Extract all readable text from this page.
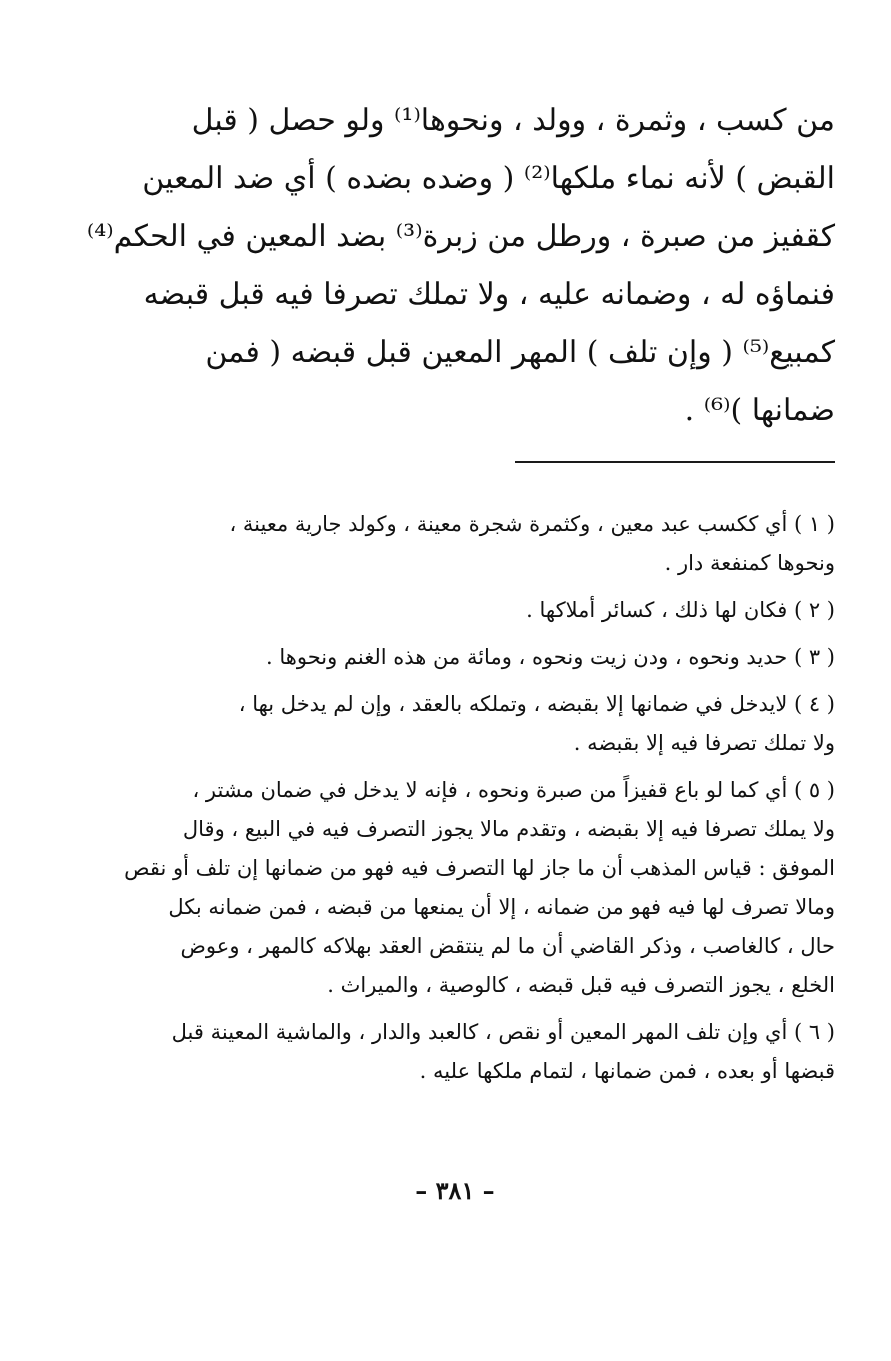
من كسب ، وثمرة ، وولد ، ونحوها⁽¹⁾ ولو حصل ( قبل
القبض ) لأنه نماء ملكها⁽²⁾ ( وضده بضده ) أي ضد المعين
كقفيز من صبرة ، ورطل من زبرة⁽³⁾ بضد المعين في الحكم⁽⁴⁾
فنماؤه له ، وضمانه عليه ، ولا تملك تصرفا فيه قبل قبضه
كمبيع⁽⁵⁾ ( وإن تلف ) المهر المعين قبل قبضه ( فمن
ضمانها )⁽⁶⁾ .

( ١ ) أي ككسب عبد معين ، وكثمرة شجرة معينة ، وكولد جارية معينة ،
ونحوها كمنفعة دار .

( ٢ ) فكان لها ذلك ، كسائر أملاكها .

( ٣ ) حديد ونحوه ، ودن زيت ونحوه ، ومائة من هذه الغنم ونحوها .

( ٤ ) لايدخل في ضمانها إلا بقبضه ، وتملكه بالعقد ، وإن لم يدخل بها ،
ولا تملك تصرفا فيه إلا بقبضه .

( ٥ ) أي كما لو باع قفيزاً من صبرة ونحوه ، فإنه لا يدخل في ضمان مشتر ،
ولا يملك تصرفا فيه إلا بقبضه ، وتقدم مالا يجوز التصرف فيه في البيع ، وقال
الموفق : قياس المذهب أن ما جاز لها التصرف فيه فهو من ضمانها إن تلف أو نقص
ومالا تصرف لها فيه فهو من ضمانه ، إلا أن يمنعها من قبضه ، فمن ضمانه بكل
حال ، كالغاصب ، وذكر القاضي أن ما لم ينتقض العقد بهلاكه كالمهر ، وعوض
الخلع ، يجوز التصرف فيه قبل قبضه ، كالوصية ، والميراث .

( ٦ ) أي وإن تلف المهر المعين أو نقص ، كالعبد والدار ، والماشية المعينة قبل
قبضها أو بعده ، فمن ضمانها ، لتمام ملكها عليه .

– ٣٨١ –
